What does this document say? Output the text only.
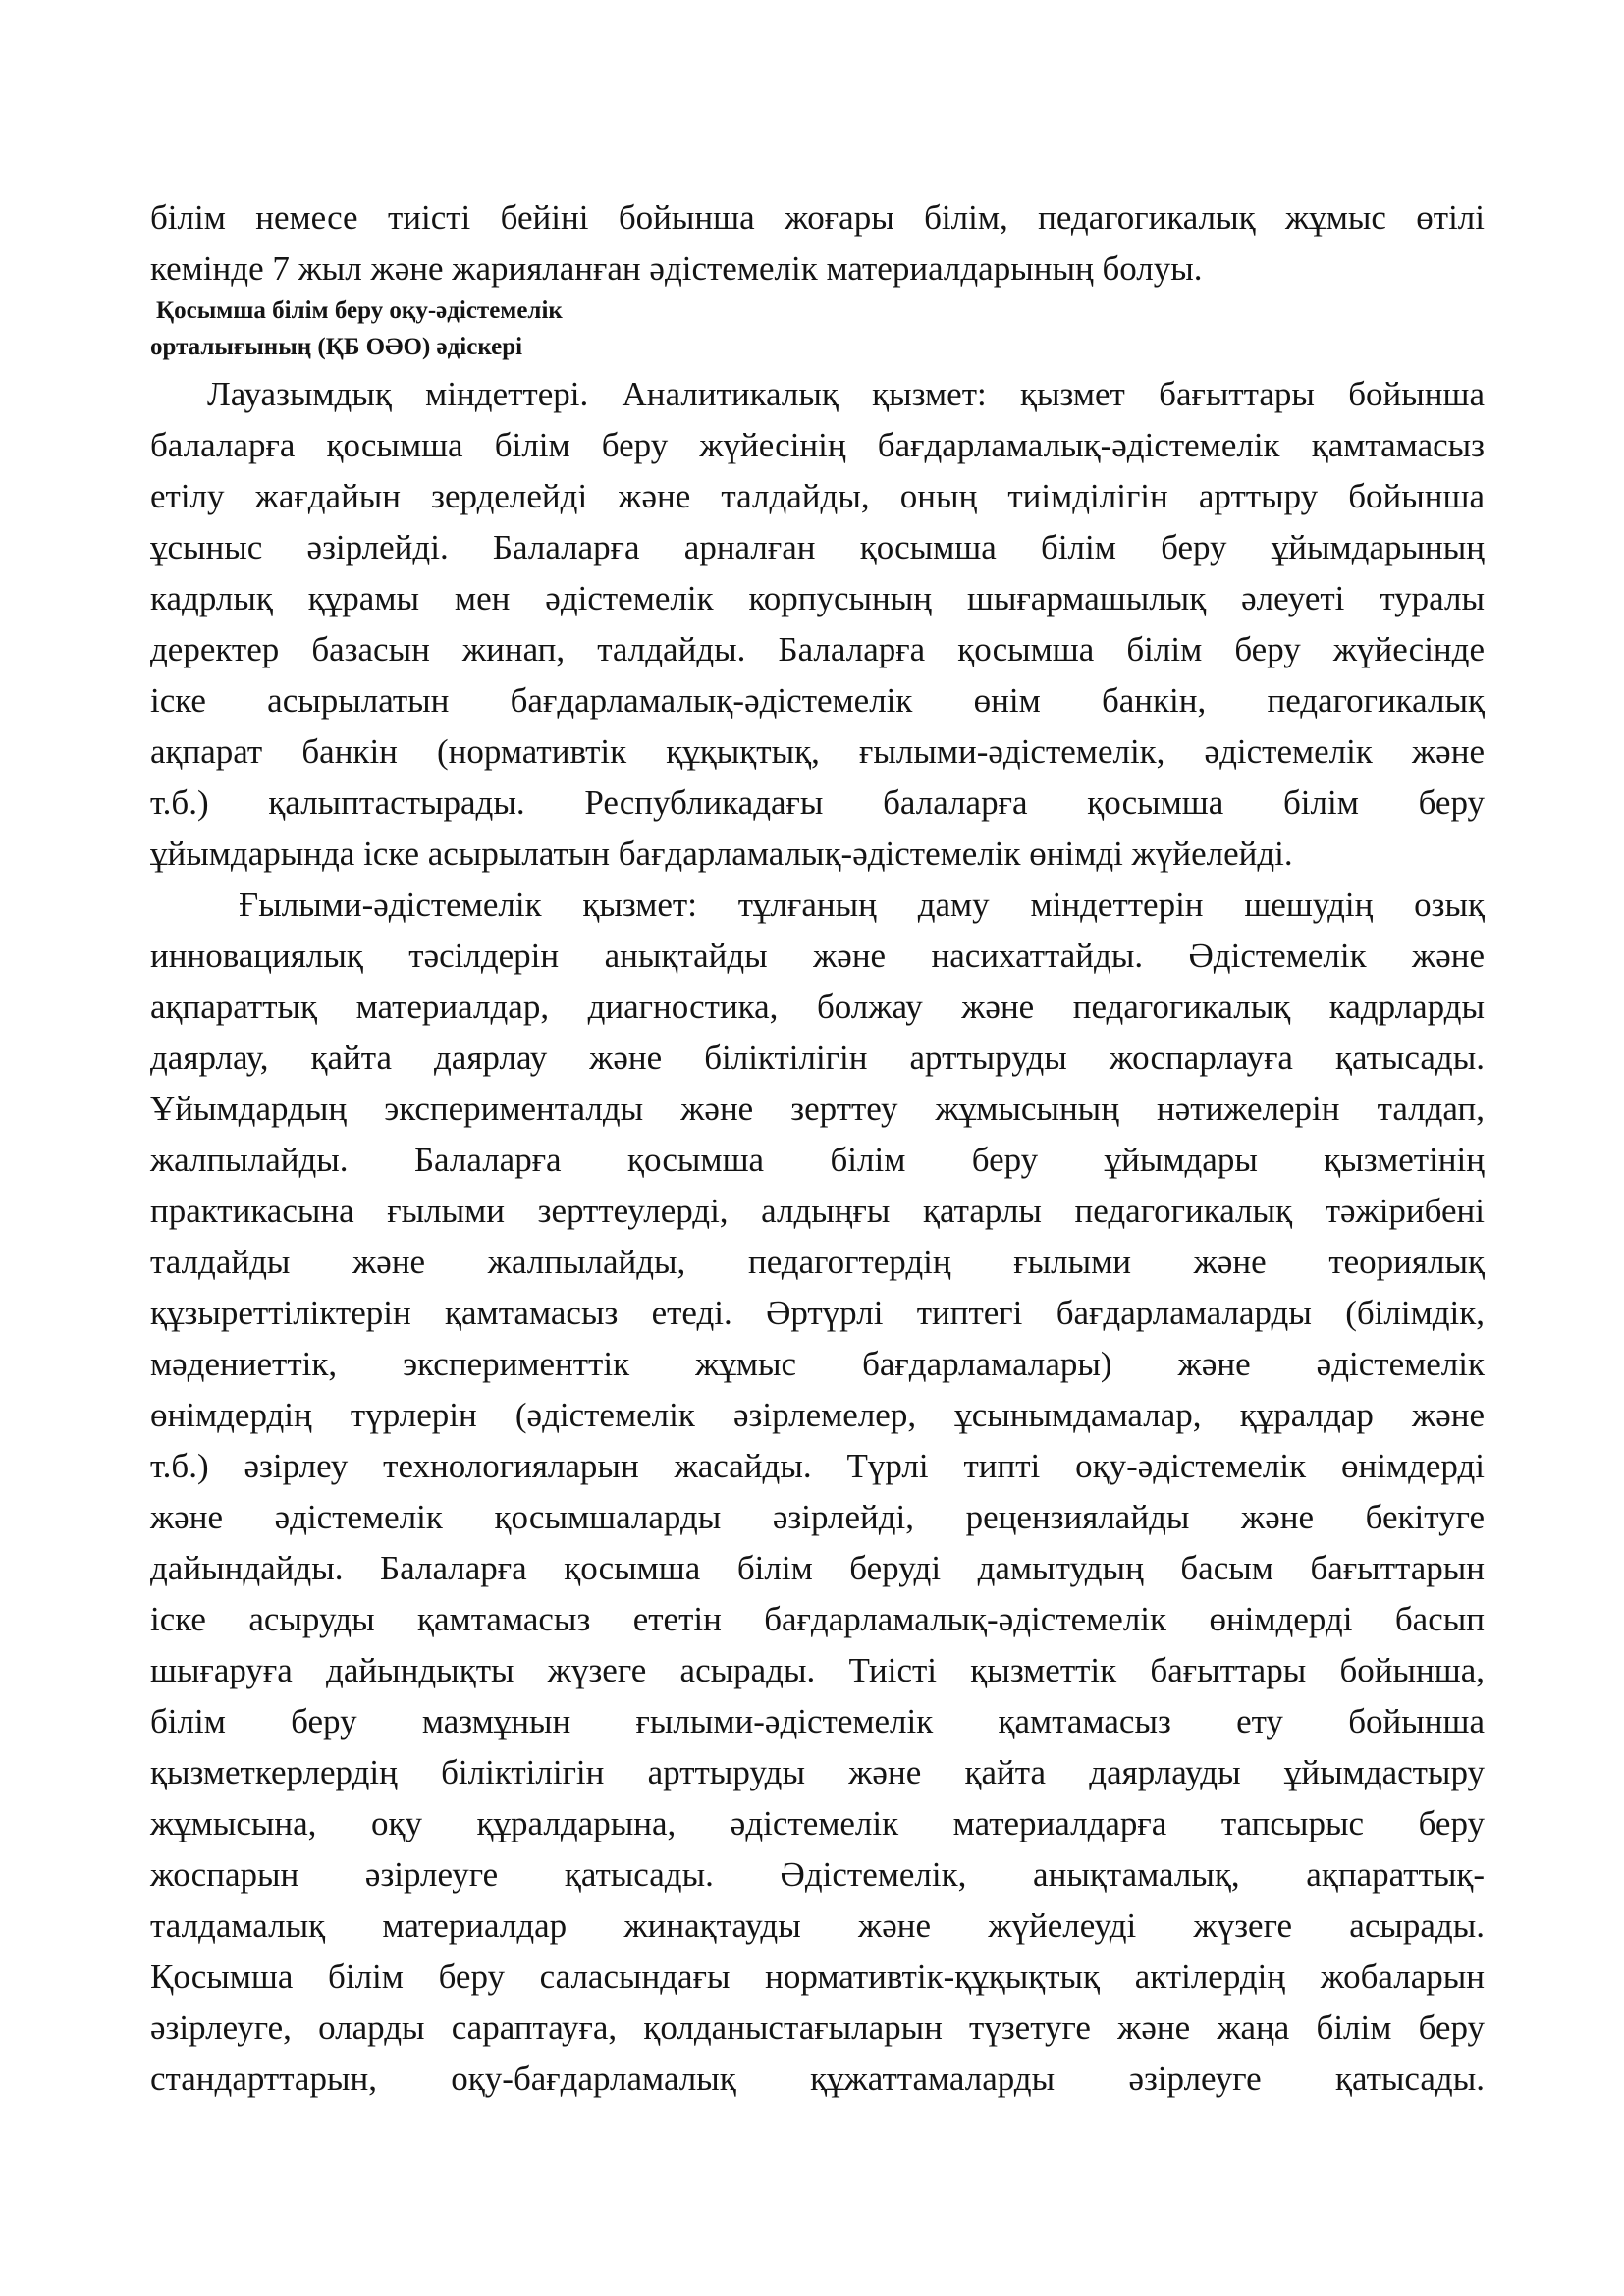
білім немесе тиісті бейіні бойынша жоғары білім, педагогикалық жұмыс өтілі
кемінде 7 жыл және жарияланған әдістемелік материалдарының болуы.
Қосымша білім беру оқу-әдістемелік
орталығының (ҚБ ОӘО) әдіскері
Лауазымдық міндеттері. Аналитикалық қызмет: қызмет бағыттары бойынша
балаларға қосымша білім беру жүйесінің бағдарламалық-әдістемелік қамтамасыз
етілу жағдайын зерделейді және талдайды, оның тиімділігін арттыру бойынша
ұсыныс әзірлейді. Балаларға арналған қосымша білім беру ұйымдарының
кадрлық құрамы мен әдістемелік корпусының шығармашылық әлеуеті туралы
деректер базасын жинап, талдайды. Балаларға қосымша білім беру жүйесінде
іске асырылатын бағдарламалық-әдістемелік өнім банкін, педагогикалық
ақпарат банкін (нормативтік құқықтық, ғылыми-әдістемелік, әдістемелік және
т.б.) қалыптастырады. Республикадағы балаларға қосымша білім беру
ұйымдарында іске асырылатын бағдарламалық-әдістемелік өнімді жүйелейді.
Ғылыми-әдістемелік қызмет: тұлғаның даму міндеттерін шешудің озық
инновациялық тәсілдерін анықтайды және насихаттайды. Әдістемелік және
ақпараттық материалдар, диагностика, болжау және педагогикалық кадрларды
даярлау, қайта даярлау және біліктілігін арттыруды жоспарлауға қатысады.
Ұйымдардың эксперименталды және зерттеу жұмысының нәтижелерін талдап,
жалпылайды. Балаларға қосымша білім беру ұйымдары қызметінің
практикасына ғылыми зерттеулерді, алдыңғы қатарлы педагогикалық тәжірибені
талдайды және жалпылайды, педагогтердің ғылыми және теориялық
құзыреттіліктерін қамтамасыз етеді. Әртүрлі типтегі бағдарламаларды (білімдік,
мәдениеттік, эксперименттік жұмыс бағдарламалары) және әдістемелік
өнімдердің түрлерін (әдістемелік әзірлемелер, ұсынымдамалар, құралдар және
т.б.) әзірлеу технологияларын жасайды. Түрлі типті оқу-әдістемелік өнімдерді
және әдістемелік қосымшаларды әзірлейді, рецензиялайды және бекітуге
дайындайды. Балаларға қосымша білім беруді дамытудың басым бағыттарын
іске асыруды қамтамасыз ететін бағдарламалық-әдістемелік өнімдерді басып
шығаруға дайындықты жүзеге асырады. Тиісті қызметтік бағыттары бойынша,
білім беру мазмұнын ғылыми-әдістемелік қамтамасыз ету бойынша
қызметкерлердің біліктілігін арттыруды және қайта даярлауды ұйымдастыру
жұмысына, оқу құралдарына, әдістемелік материалдарға тапсырыс беру
жоспарын әзірлеуге қатысады. Әдістемелік, анықтамалық, ақпараттық-
талдамалық материалдар жинақтауды және жүйелеуді жүзеге асырады.
Қосымша білім беру саласындағы нормативтік-құқықтық актілердің жобаларын
әзірлеуге, оларды сараптауға, қолданыстағыларын түзетуге және жаңа білім беру
стандарттарын, оқу-бағдарламалық құжаттамаларды әзірлеуге қатысады.
